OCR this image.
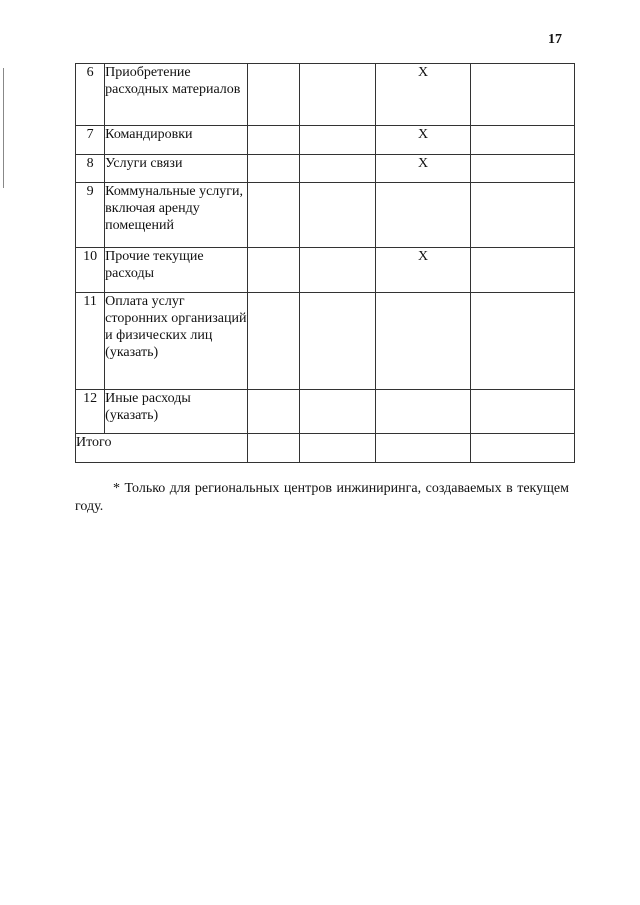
17
6	Приобретение расходных материалов			X	
7	Командировки			X	
8	Услуги связи			X	
9	Коммунальные услуги, включая аренду помещений				
10	Прочие текущие расходы			X	
11	Оплата услуг сторонних организаций и физических лиц (указать)				
12	Иные расходы (указать)				
Итого					

* Только для региональных центров инжиниринга, создаваемых в текущем году.
